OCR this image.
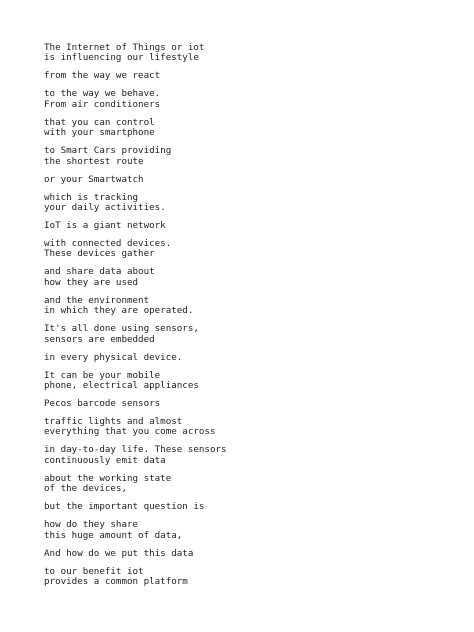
The Internet of Things or iot
is influencing our lifestyle
from the way we react
to the way we behave.
From air conditioners
that you can control
with your smartphone
to Smart Cars providing
the shortest route
or your Smartwatch
which is tracking
your daily activities.
IoT is a giant network
with connected devices.
These devices gather
and share data about
how they are used
and the environment
in which they are operated.
It's all done using sensors,
sensors are embedded
in every physical device.
It can be your mobile
phone, electrical appliances
Pecos barcode sensors
traffic lights and almost
everything that you come across
in day-to-day life. These sensors
continuously emit data
about the working state
of the devices,
but the important question is
how do they share
this huge amount of data,
And how do we put this data
to our benefit iot
provides a common platform
